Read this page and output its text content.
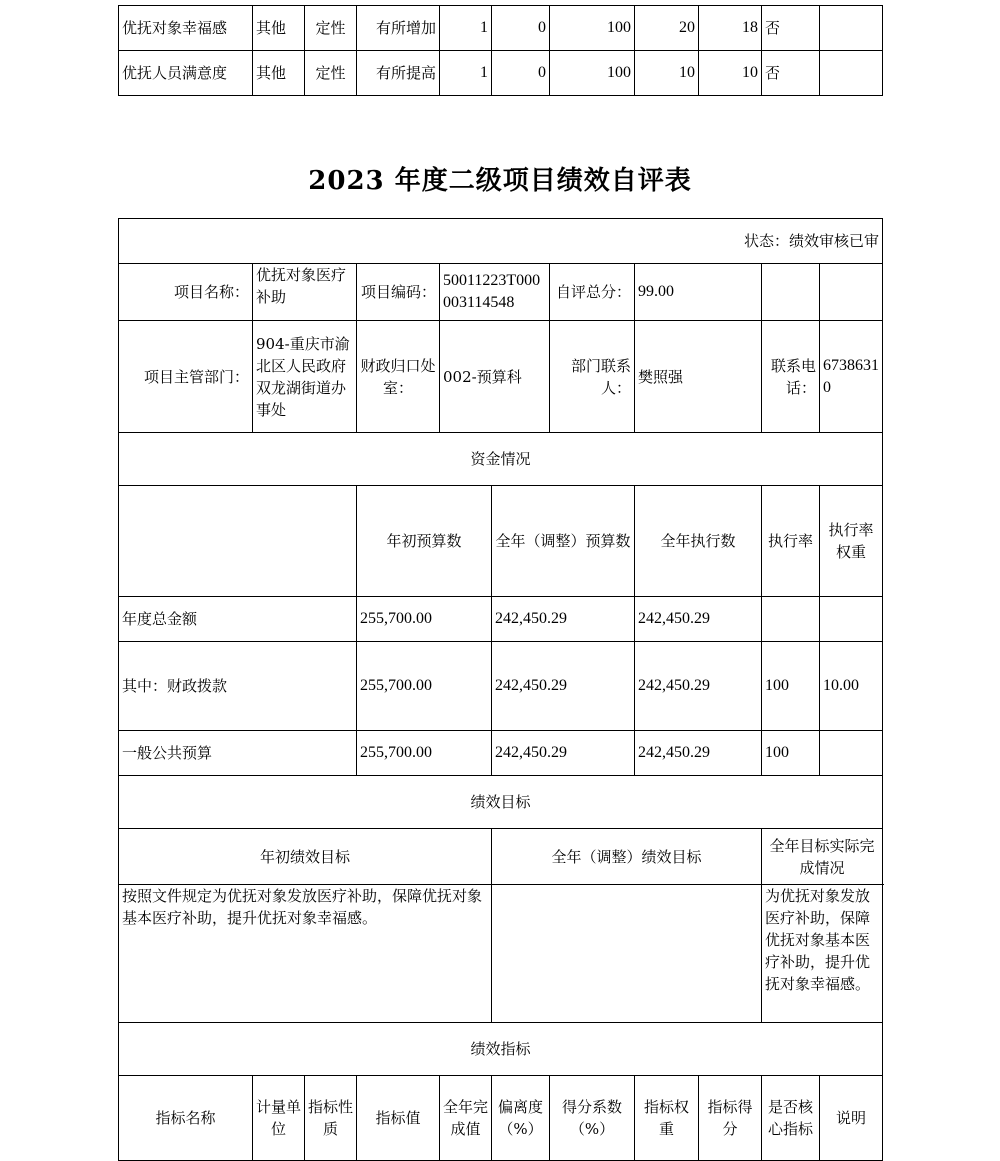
优抚对象幸福感	其他	定性	有所增加	1	0	100	20	18	否	
优抚人员满意度	其他	定性	有所提高	1	0	100	10	10	否	
2023 年度二级项目绩效自评表
状态：绩效审核已审											
项目名称：	优抚对象医疗补助		项目编码：	50011223T000003114548		自评总分：	99.00				
项目主管部门：	904-重庆市渝北区人民政府双龙湖街道办事处		财政归口处室：	002-预算科		部门联系人：	樊照强		联系电话：	67386310	
资金情况											
			年初预算数		全年（调整）预算数		全年执行数		执行率	执行率权重	
年度总金额			255,700.00		242,450.29		242,450.29				
其中：财政拨款			255,700.00		242,450.29		242,450.29		100	10.00	
一般公共预算			255,700.00		242,450.29		242,450.29		100		
绩效目标											
年初绩效目标					全年（调整）绩效目标				全年目标实际完成情况		
按照文件规定为优抚对象发放医疗补助，保障优抚对象基本医疗补助，提升优抚对象幸福感。									为优抚对象发放医疗补助，保障优抚对象基本医疗补助，提升优抚对象幸福感。		
绩效指标											
指标名称	计量单位	指标性质	指标值	全年完成值	偏离度（%）	得分系数（%）	指标权重	指标得分	是否核心指标	说明	
